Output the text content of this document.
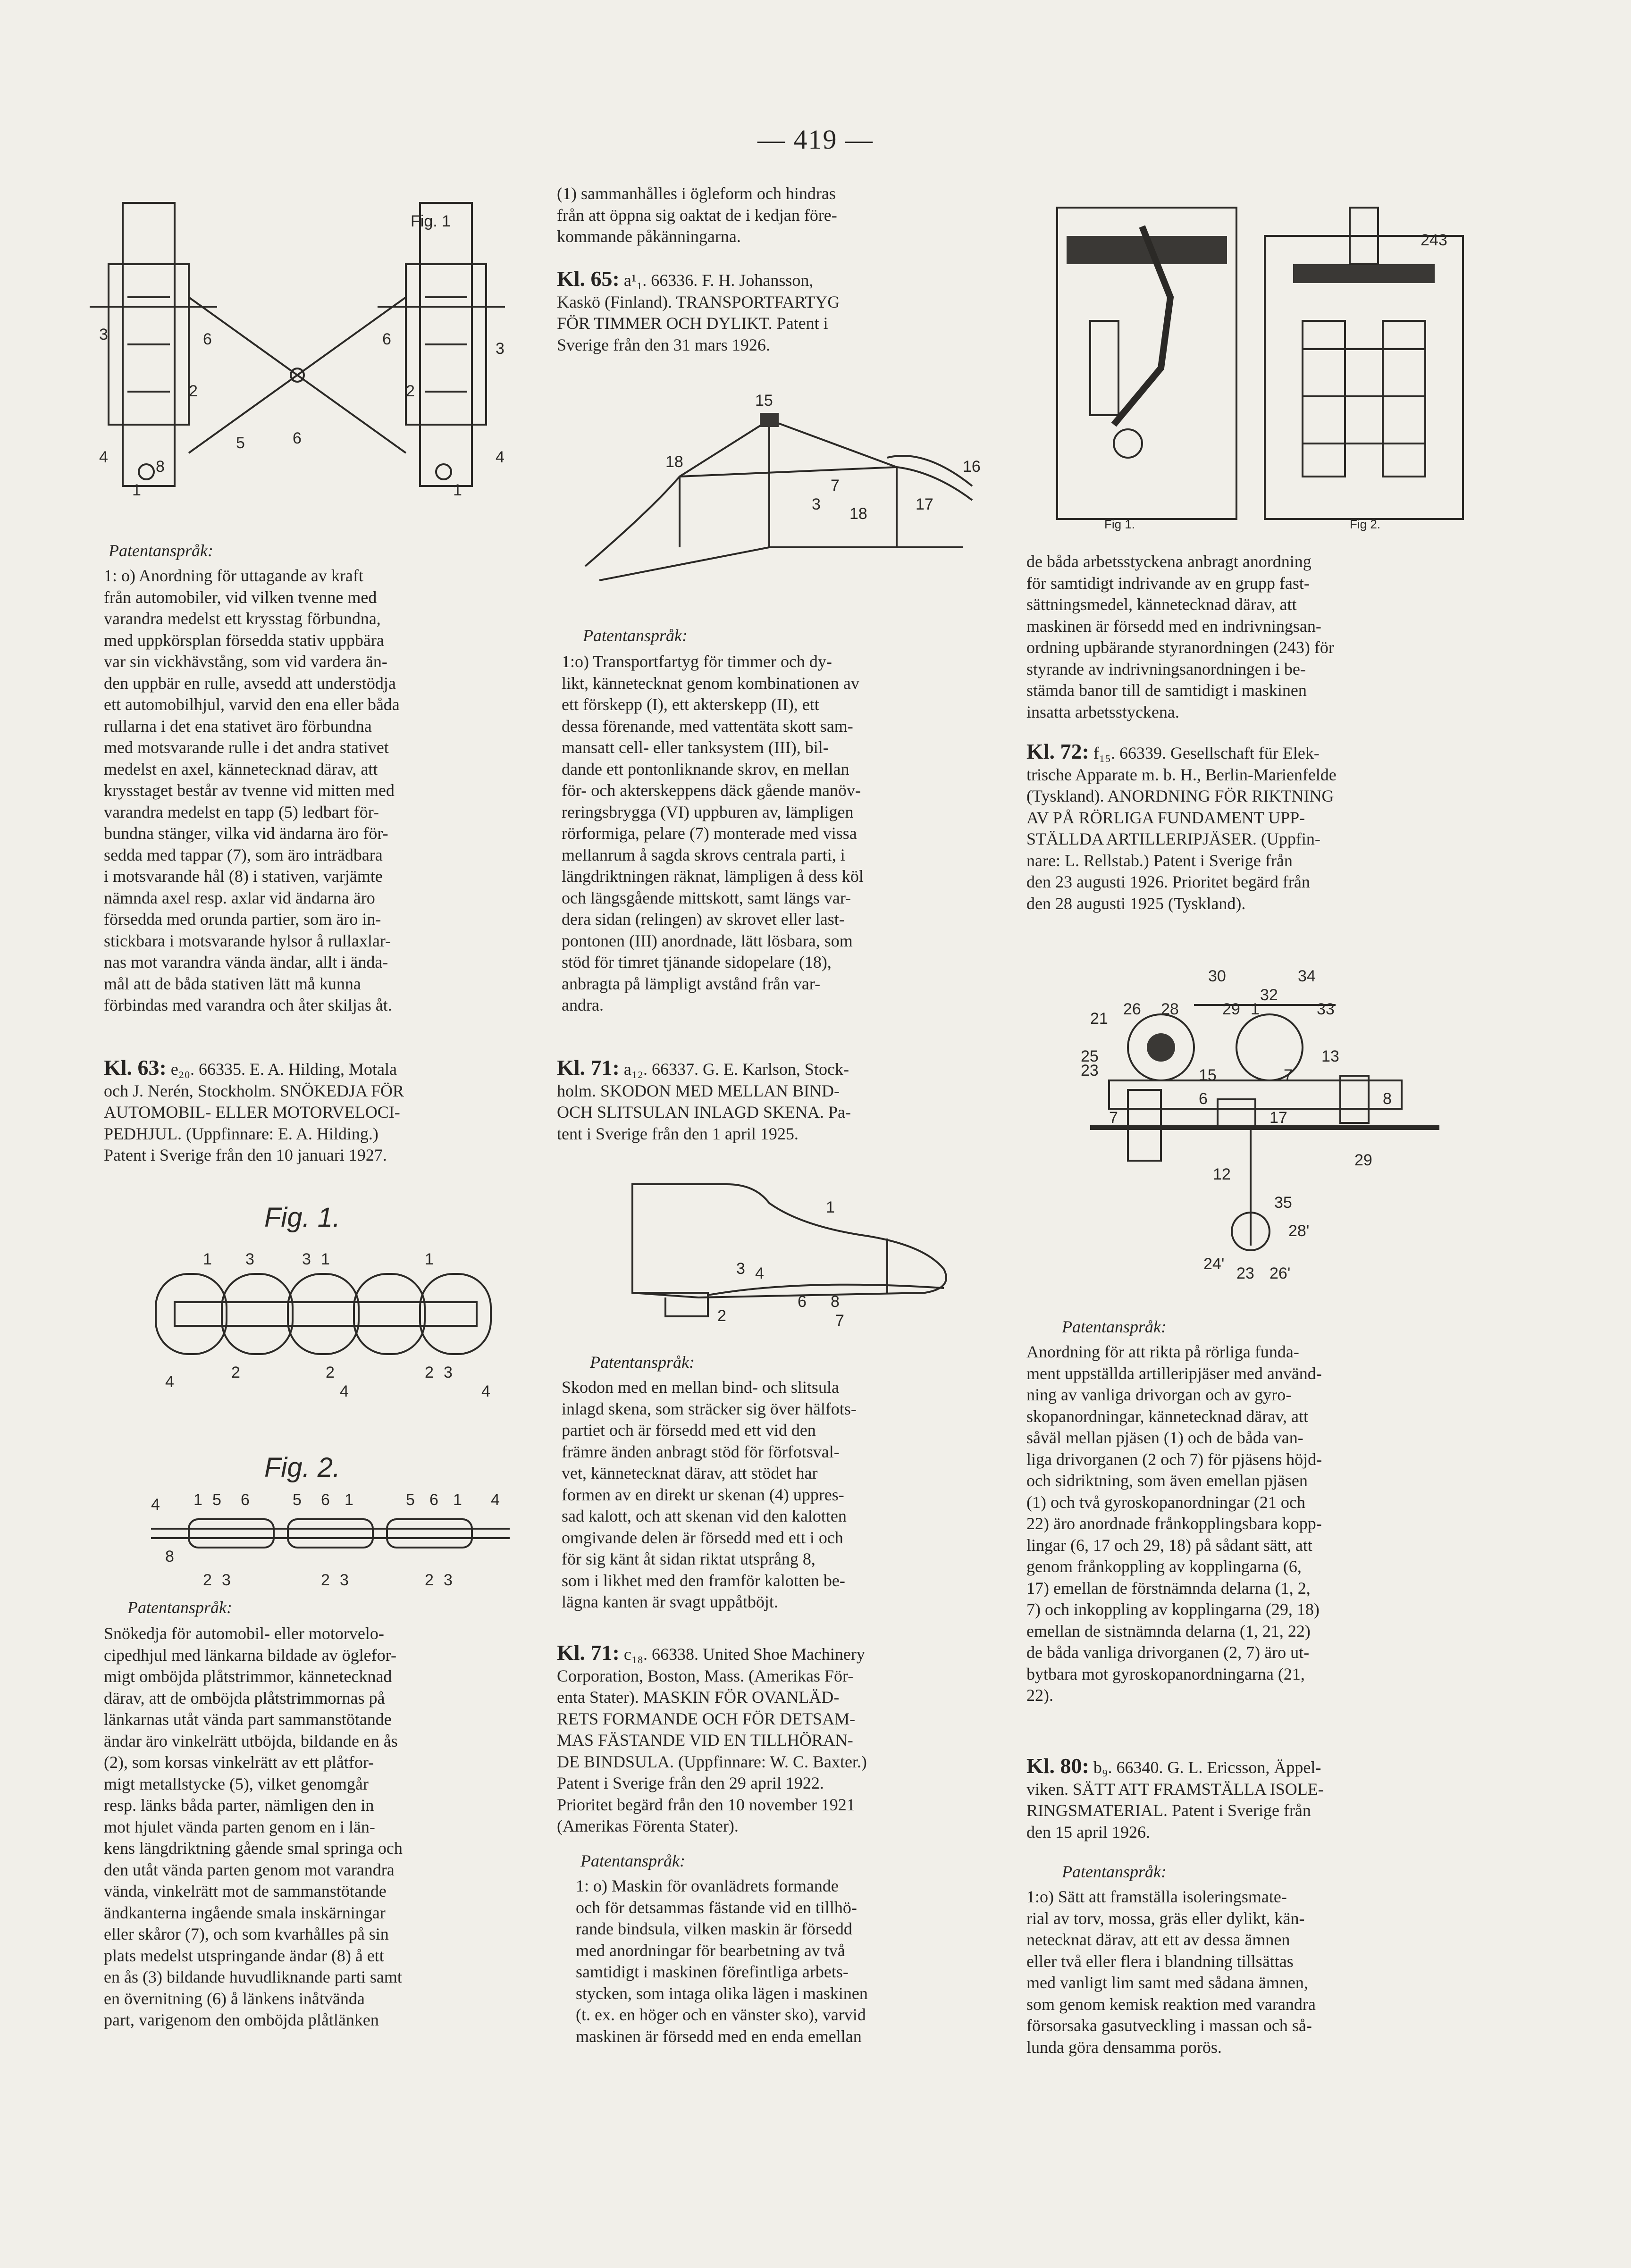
— 419 —
3	6
5	6
6
3
2	2
8
4	4
1	1
Fig. 1
Patentanspråk:
1: o) Anordning för uttagande av kraft
från automobiler, vid vilken tvenne med
varandra medelst ett krysstag förbundna,
med uppkörsplan försedda stativ uppbära
var sin vickhävstång, som vid vardera än-
den uppbär en rulle, avsedd att understödja
ett automobilhjul, varvid den ena eller båda
rullarna i det ena stativet äro förbundna
med motsvarande rulle i det andra stativet
medelst en axel, kännetecknad därav, att
krysstaget består av tvenne vid mitten med
varandra medelst en tapp (5) ledbart för-
bundna stänger, vilka vid ändarna äro för-
sedda med tappar (7), som äro inträdbara
i motsvarande hål (8) i stativen, varjämte
nämnda axel resp. axlar vid ändarna äro
försedda med orunda partier, som äro in-
stickbara i motsvarande hylsor å rullaxlar-
nas mot varandra vända ändar, allt i ända-
mål att de båda stativen lätt må kunna
förbindas med varandra och åter skiljas åt.
Kl. 63: e₂₀. 66335. E. A. Hilding, Motala
och J. Nerén, Stockholm. SNÖKEDJA FÖR
AUTOMOBIL- ELLER MOTORVELOCI-
PEDHJUL. (Uppfinnare: E. A. Hilding.)
Patent i Sverige från den 10 januari 1927.
Fig. 1.
1 3	3 1	1
4
2	2
4
2 3
4
Fig. 2.
4 1 5 6	5 6 1	5 6 1 4
8
2 3	2 3	2 3
Patentanspråk:
Snökedja för automobil- eller motorvelo-
cipedhjul med länkarna bildade av öglefor-
migt omböjda plåtstrimmor, kännetecknad
därav, att de omböjda plåtstrimmornas på
länkarnas utåt vända part sammanstötande
ändar äro vinkelrätt utböjda, bildande en ås
(2), som korsas vinkelrätt av ett plåtfor-
migt metallstycke (5), vilket genomgår
resp. länks båda parter, nämligen den in
mot hjulet vända parten genom en i län-
kens längdriktning gående smal springa och
den utåt vända parten genom mot varandra
vända, vinkelrätt mot de sammanstötande
ändkanterna ingående smala inskärningar
eller skåror (7), och som kvarhålles på sin
plats medelst utspringande ändar (8) å ett
en ås (3) bildande huvudliknande parti samt
en övernitning (6) å länkens inåtvända
part, varigenom den omböjda plåtlänken
(1) sammanhålles i ögleform och hindras
från att öppna sig oaktat de i kedjan före-
kommande påkänningarna.
Kl. 65: a¹₁. 66336. F. H. Johansson,
Kaskö (Finland). TRANSPORTFARTYG
FÖR TIMMER OCH DYLIKT. Patent i
Sverige från den 31 mars 1926.
15
16
18
3
7
18
17
Patentanspråk:
1:o) Transportfartyg för timmer och dy-
likt, kännetecknat genom kombinationen av
ett förskepp (I), ett akterskepp (II), ett
dessa förenande, med vattentäta skott sam-
mansatt cell- eller tanksystem (III), bil-
dande ett pontonliknande skrov, en mellan
för- och akterskeppens däck gående manöv-
reringsbrygga (VI) uppburen av, lämpligen
rörformiga, pelare (7) monterade med vissa
mellanrum å sagda skrovs centrala parti, i
längdriktningen räknat, lämpligen å dess köl
och längsgående mittskott, samt längs var-
dera sidan (relingen) av skrovet eller last-
pontonen (III) anordnade, lätt lösbara, som
stöd för timret tjänande sidopelare (18),
anbragta på lämpligt avstånd från var-
andra.
Kl. 71: a₁₂. 66337. G. E. Karlson, Stock-
holm. SKODON MED MELLAN BIND-
OCH SLITSULAN INLAGD SKENA. Pa-
tent i Sverige från den 1 april 1925.
1
3 4
2
6 8
7
Patentanspråk:
Skodon med en mellan bind- och slitsula
inlagd skena, som sträcker sig över hälfots-
partiet och är försedd med ett vid den
främre änden anbragt stöd för förfotsval-
vet, kännetecknat därav, att stödet har
formen av en direkt ur skenan (4) uppres-
sad kalott, och att skenan vid den kalotten
omgivande delen är försedd med ett i och
för sig känt åt sidan riktat utsprång 8,
som i likhet med den framför kalotten be-
lägna kanten är svagt uppåtböjt.
Kl. 71: c₁₈. 66338. United Shoe Machinery
Corporation, Boston, Mass. (Amerikas För-
enta Stater). MASKIN FÖR OVANLÄD-
RETS FORMANDE OCH FÖR DETSAM-
MAS FÄSTANDE VID EN TILLHÖRAN-
DE BINDSULA. (Uppfinnare: W. C. Baxter.)
Patent i Sverige från den 29 april 1922.
Prioritet begärd från den 10 november 1921
(Amerikas Förenta Stater).
Patentanspråk:
1: o) Maskin för ovanlädrets formande
och för detsammas fästande vid en tillhö-
rande bindsula, vilken maskin är försedd
med anordningar för bearbetning av två
samtidigt i maskinen förefintliga arbets-
stycken, som intaga olika lägen i maskinen
(t. ex. en höger och en vänster sko), varvid
maskinen är försedd med en enda emellan
243
Fig 1.	Fig 2.
de båda arbetsstyckena anbragt anordning
för samtidigt indrivande av en grupp fast-
sättningsmedel, kännetecknad därav, att
maskinen är försedd med en indrivningsan-
ordning upbärande styranordningen (243) för
styrande av indrivningsanordningen i be-
stämda banor till de samtidigt i maskinen
insatta arbetsstyckena.
Kl. 72: f₁₅. 66339. Gesellschaft für Elek-
trische Apparate m. b. H., Berlin-Marienfelde
(Tyskland). ANORDNING FÖR RIKTNING
AV PÅ RÖRLIGA FUNDAMENT UPP-
STÄLLDA ARTILLERIPJÄSER. (Uppfin-
nare: L. Rellstab.) Patent i Sverige från
den 23 augusti 1926. Prioritet begärd från
den 28 augusti 1925 (Tyskland).
30	34
33
21
26 28	29 1
32
25
23	15
6
13
7
8
7	17
29
12
35
28'
24'
23 26'
Patentanspråk:
Anordning för att rikta på rörliga funda-
ment uppställda artilleripjäser med använd-
ning av vanliga drivorgan och av gyro-
skopanordningar, kännetecknad därav, att
såväl mellan pjäsen (1) och de båda van-
liga drivorganen (2 och 7) för pjäsens höjd-
och sidriktning, som även emellan pjäsen
(1) och två gyroskopanordningar (21 och
22) äro anordnade frånkopplingsbara kopp-
lingar (6, 17 och 29, 18) på sådant sätt, att
genom frånkoppling av kopplingarna (6,
17) emellan de förstnämnda delarna (1, 2,
7) och inkoppling av kopplingarna (29, 18)
emellan de sistnämnda delarna (1, 21, 22)
de båda vanliga drivorganen (2, 7) äro ut-
bytbara mot gyroskopanordningarna (21,
22).
Kl. 80: b₉. 66340. G. L. Ericsson, Äppel-
viken. SÄTT ATT FRAMSTÄLLA ISOLE-
RINGSMATERIAL. Patent i Sverige från
den 15 april 1926.
Patentanspråk:
1:o) Sätt att framställa isoleringsmate-
rial av torv, mossa, gräs eller dylikt, kän-
netecknat därav, att ett av dessa ämnen
eller två eller flera i blandning tillsättas
med vanligt lim samt med sådana ämnen,
som genom kemisk reaktion med varandra
försorsaka gasutveckling i massan och så-
lunda göra densamma porös.
